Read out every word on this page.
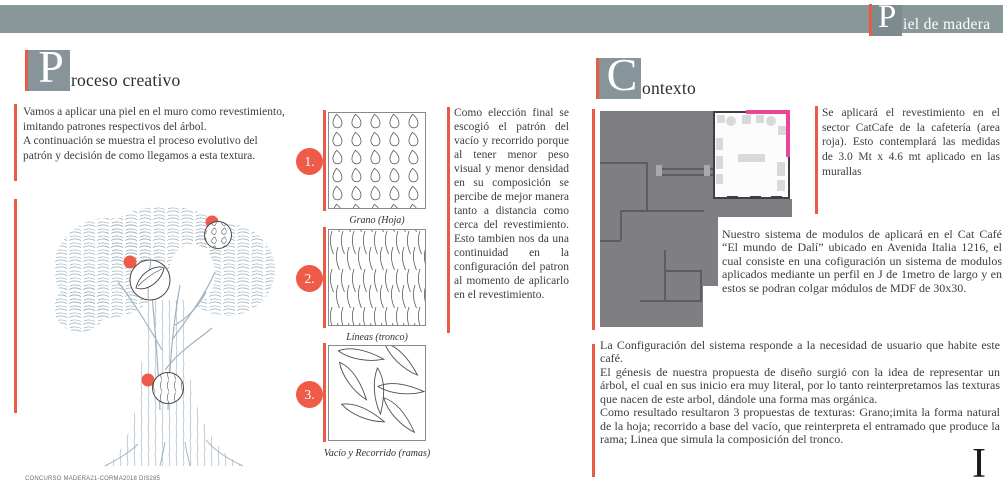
P iel de madera
P roceso creativo

Vamos a aplicar una piel en el muro como revestimiento, imitando patrones respectivos del árbol.

A continuación se muestra el proceso evolutivo del patrón y decisión de como llegamos a esta textura.	1.
Grano (Hoja)
2.
Líneas (tronco)
3.
Vacío y Recorrido (ramas)
Como elección final se escogió el patrón del vacío y recorrido porque al tener menor peso visual y menor densidad en su composición se percibe de mejor manera tanto a distancia como cerca del revestimiento. Esto tambien nos da una continuidad en la configuración del patron al momento de aplicarlo en el revestimiento.
C ontexto
Se aplicará el revestimiento en el sector CatCafe de la cafetería (area roja). Esto contemplará las medidas de 3.0 Mt x 4.6 mt aplicado en las murallas
Nuestro sistema de modulos de aplicará en el Cat Café “El mundo de Dalí” ubicado en Avenida Italia 1216, el cual consiste en una cofiguración un sistema de modulos aplicados mediante un perfil en J de 1metro de largo y en estos se podran colgar módulos de MDF de 30x30.

La Configuración del sistema responde a la necesidad de usuario que habite este café.

El génesis de nuestra propuesta de diseño surgió con la idea de representar un árbol, el cual en sus inicio era muy literal, por lo tanto reinterpretamos las texturas que nacen de este arbol, dándole una forma mas orgánica.

Como resultado resultaron 3 propuestas de texturas: Grano;imita la forma natural de la hoja; recorrido a base del vacío, que reinterpreta el entramado que produce la rama; Linea que simula la composición del tronco.

I
CONCURSO MADERA21-CORMA2018 DIS285
